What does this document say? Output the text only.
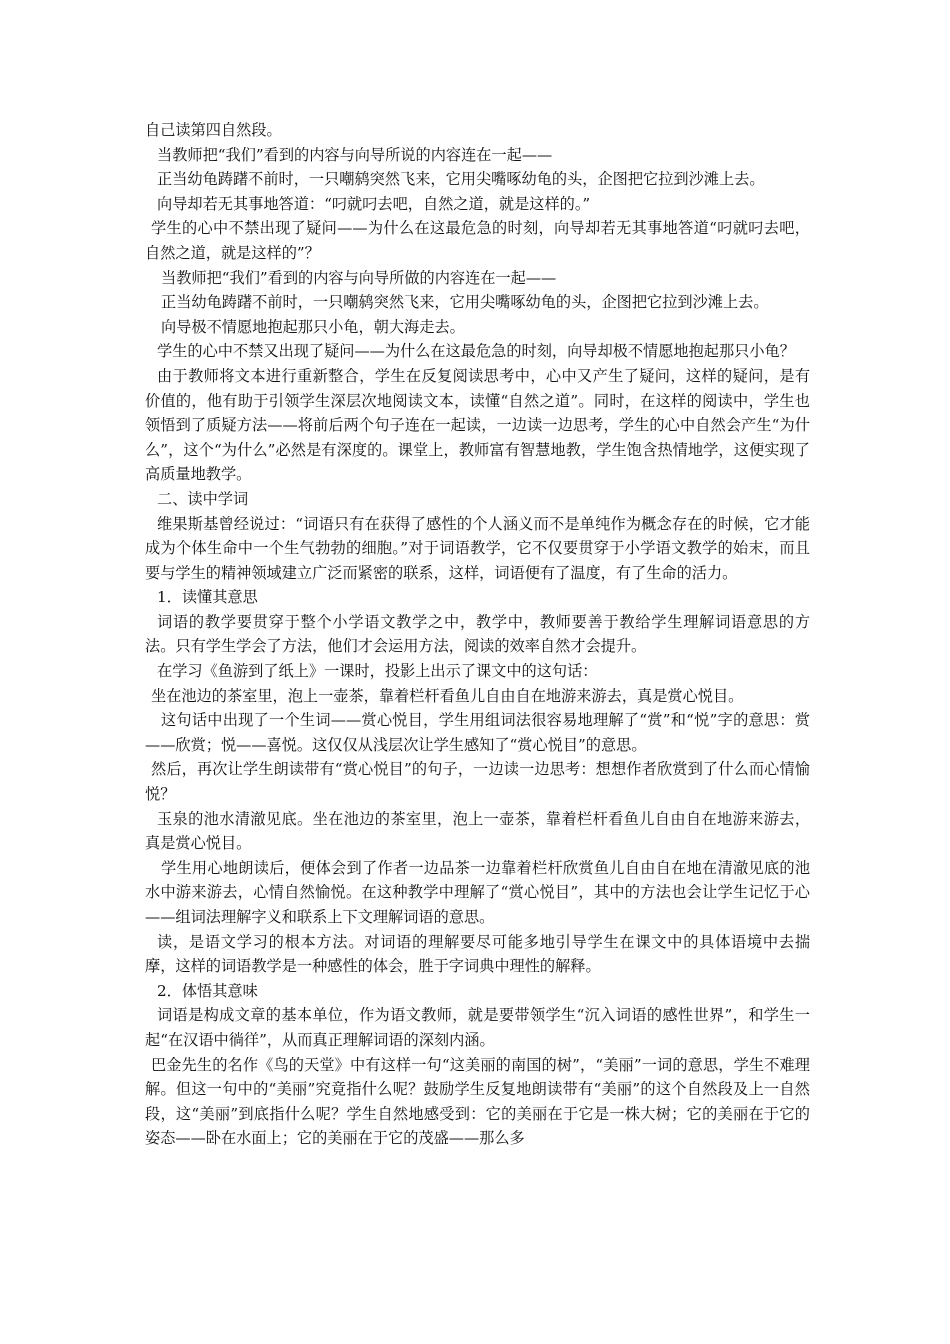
自己读第四自然段。

当教师把“我们”看到的内容与向导所说的内容连在一起——

正当幼龟踌躇不前时，一只嘲鸫突然飞来，它用尖嘴啄幼龟的头，企图把它拉到沙滩上去。

向导却若无其事地答道：“叼就叼去吧，自然之道，就是这样的。”

学生的心中不禁出现了疑问——为什么在这最危急的时刻，向导却若无其事地答道“叼就叼去吧，自然之道，就是这样的”？

当教师把“我们”看到的内容与向导所做的内容连在一起——

正当幼龟踌躇不前时，一只嘲鸫突然飞来，它用尖嘴啄幼龟的头，企图把它拉到沙滩上去。

向导极不情愿地抱起那只小龟，朝大海走去。

学生的心中不禁又出现了疑问——为什么在这最危急的时刻，向导却极不情愿地抱起那只小龟？

由于教师将文本进行重新整合，学生在反复阅读思考中，心中又产生了疑问，这样的疑问，是有价值的，他有助于引领学生深层次地阅读文本，读懂“自然之道”。同时，在这样的阅读中，学生也领悟到了质疑方法——将前后两个句子连在一起读，一边读一边思考，学生的心中自然会产生“为什么”，这个“为什么”必然是有深度的。课堂上，教师富有智慧地教，学生饱含热情地学，这便实现了高质量地教学。

二、读中学词

维果斯基曾经说过：“词语只有在获得了感性的个人涵义而不是单纯作为概念存在的时候，它才能成为个体生命中一个生气勃勃的细胞。”对于词语教学，它不仅要贯穿于小学语文教学的始末，而且要与学生的精神领域建立广泛而紧密的联系，这样，词语便有了温度，有了生命的活力。

1．读懂其意思

词语的教学要贯穿于整个小学语文教学之中，教学中，教师要善于教给学生理解词语意思的方法。只有学生学会了方法，他们才会运用方法，阅读的效率自然才会提升。

在学习《鱼游到了纸上》一课时，投影上出示了课文中的这句话：

坐在池边的茶室里，泡上一壶茶，靠着栏杆看鱼儿自由自在地游来游去，真是赏心悦目。

这句话中出现了一个生词——赏心悦目，学生用组词法很容易地理解了“赏”和“悦”字的意思：赏——欣赏；悦——喜悦。这仅仅从浅层次让学生感知了“赏心悦目”的意思。

然后，再次让学生朗读带有“赏心悦目”的句子，一边读一边思考：想想作者欣赏到了什么而心情愉悦？

玉泉的池水清澈见底。坐在池边的茶室里，泡上一壶茶，靠着栏杆看鱼儿自由自在地游来游去，真是赏心悦目。

学生用心地朗读后，便体会到了作者一边品茶一边靠着栏杆欣赏鱼儿自由自在地在清澈见底的池水中游来游去，心情自然愉悦。在这种教学中理解了“赏心悦目”，其中的方法也会让学生记忆于心——组词法理解字义和联系上下文理解词语的意思。

读，是语文学习的根本方法。对词语的理解要尽可能多地引导学生在课文中的具体语境中去揣摩，这样的词语教学是一种感性的体会，胜于字词典中理性的解释。

2．体悟其意味

词语是构成文章的基本单位，作为语文教师，就是要带领学生“沉入词语的感性世界”，和学生一起“在汉语中徜徉”，从而真正理解词语的深刻内涵。

巴金先生的名作《鸟的天堂》中有这样一句“这美丽的南国的树”，“美丽”一词的意思，学生不难理解。但这一句中的“美丽”究竟指什么呢？鼓励学生反复地朗读带有“美丽”的这个自然段及上一自然段，这“美丽”到底指什么呢？学生自然地感受到：它的美丽在于它是一株大树；它的美丽在于它的姿态——卧在水面上；它的美丽在于它的茂盛——那么多
